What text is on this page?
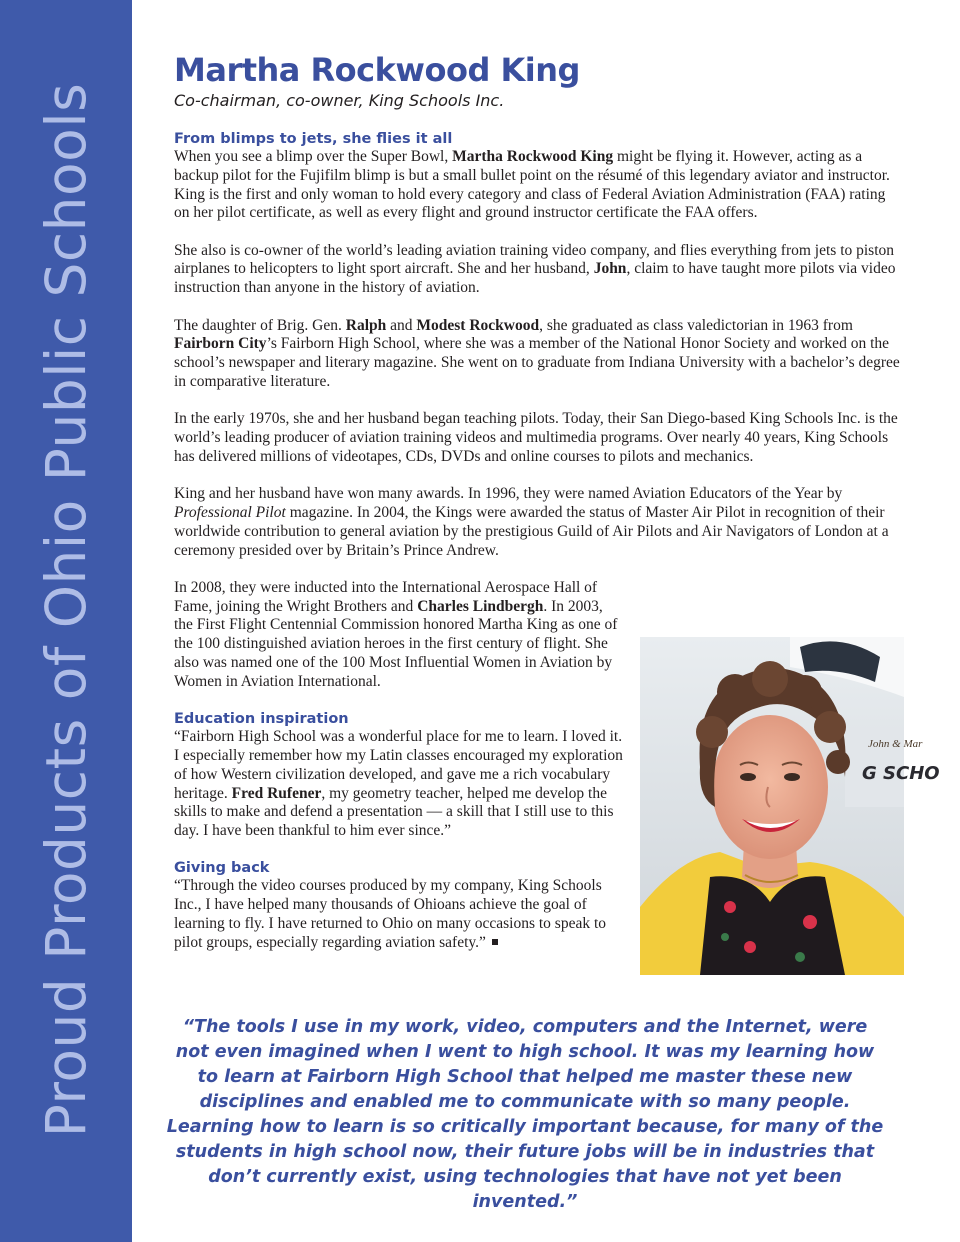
Proud Products of Ohio Public Schools
Martha Rockwood King
Co-chairman, co-owner, King Schools Inc.
From blimps to jets, she flies it all

When you see a blimp over the Super Bowl, Martha Rockwood King might be flying it. However, acting as a backup pilot for the Fujifilm blimp is but a small bullet point on the résumé of this legendary aviator and instructor. King is the first and only woman to hold every category and class of Federal Aviation Administration (FAA) rating on her pilot certificate, as well as every flight and ground instructor certificate the FAA offers.

She also is co-owner of the world’s leading aviation training video company, and flies everything from jets to piston airplanes to helicopters to light sport aircraft. She and her husband, John, claim to have taught more pilots via video instruction than anyone in the history of aviation.

The daughter of Brig. Gen. Ralph and Modest Rockwood, she graduated as class valedictorian in 1963 from Fairborn City’s Fairborn High School, where she was a member of the National Honor Society and worked on the school’s newspaper and literary magazine. She went on to graduate from Indiana University with a bachelor’s degree in comparative literature.

In the early 1970s, she and her husband began teaching pilots. Today, their San Diego-based King Schools Inc. is the world’s leading producer of aviation training videos and multimedia programs. Over nearly 40 years, King Schools has delivered millions of videotapes, CDs, DVDs and online courses to pilots and mechanics.

King and her husband have won many awards. In 1996, they were named Aviation Educators of the Year by Professional Pilot magazine. In 2004, the Kings were awarded the status of Master Air Pilot in recognition of their worldwide contribution to general aviation by the prestigious Guild of Air Pilots and Air Navigators of London at a ceremony presided over by Britain’s Prince Andrew.

In 2008, they were inducted into the International Aerospace Hall of Fame, joining the Wright Brothers and Charles Lindbergh. In 2003, the First Flight Centennial Commission honored Martha King as one of the 100 distinguished aviation heroes in the first century of flight. She also was named one of the 100 Most Influential Women in Aviation by Women in Aviation International.

Education inspiration

“Fairborn High School was a wonderful place for me to learn. I loved it. I especially remember how my Latin classes encouraged my exploration of how Western civilization developed, and gave me a rich vocabulary heritage. Fred Rufener, my geometry teacher, helped me develop the skills to make and defend a presentation — a skill that I still use to this day. I have been thankful to him ever since.”

Giving back

“Through the video courses produced by my company, King Schools Inc., I have helped many thousands of Ohioans achieve the goal of learning to fly. I have returned to Ohio on many occasions to speak to pilot groups, especially regarding aviation safety.”

John & Mar
G SCHO
“The tools I use in my work, video, computers and the Internet, were not even imagined when I went to high school. It was my learning how to learn at Fairborn High School that helped me master these new disciplines and enabled me to communicate with so many people. Learning how to learn is so critically important because, for many of the students in high school now, their future jobs will be in industries that don’t currently exist, using technologies that have not yet been invented.”
